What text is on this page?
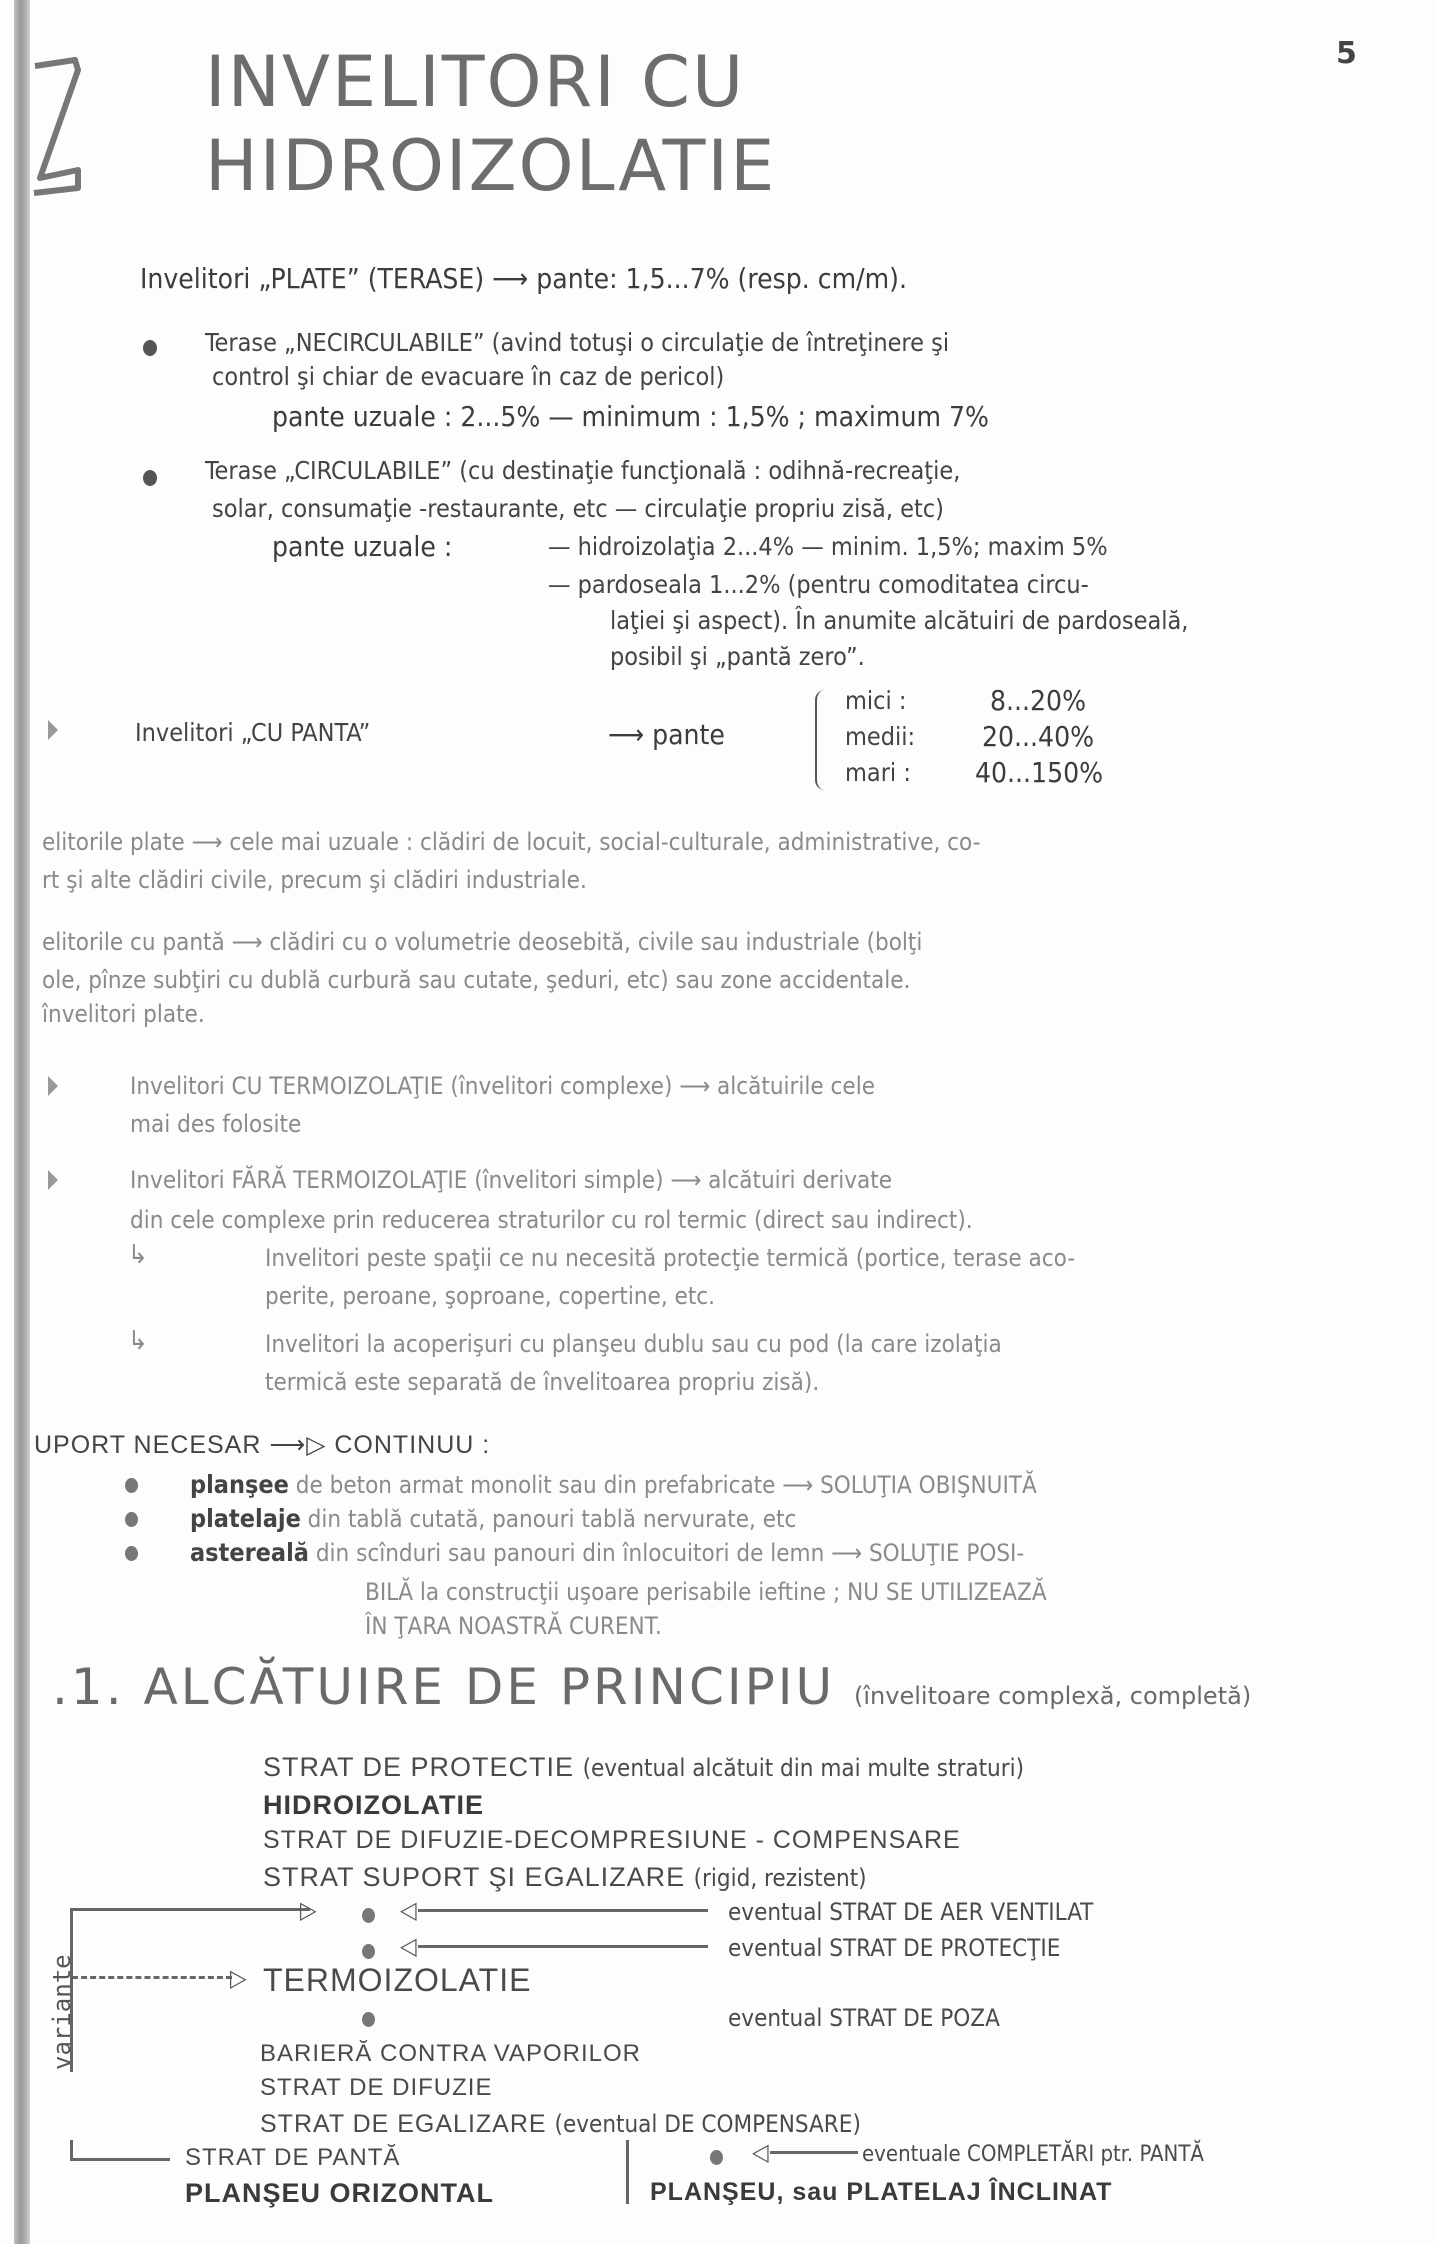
5
INVELITORI CU
HIDROIZOLATIE
Invelitori „PLATE” (TERASE) ⟶ pante: 1,5...7% (resp. cm/m).
Terase „NECIRCULABILE” (avind totuşi o circulaţie de întreţinere şi
control şi chiar de evacuare în caz de pericol)
pante uzuale : 2...5% — minimum : 1,5% ; maximum 7%
Terase „CIRCULABILE” (cu destinaţie funcţională : odihnă-recreaţie,
solar, consumaţie -restaurante, etc — circulaţie propriu zisă, etc)
pante uzuale :	— hidroizolaţia 2...4% — minim. 1,5%; maxim 5%
— pardoseala 1...2% (pentru comoditatea circu-
laţiei şi aspect). În anumite alcătuiri de pardoseală,
posibil şi „pantă zero”.
Invelitori „CU PANTA”	⟶ pante
mici :	8...20%
medii: 20...40%
mari : 40...150%
elitorile plate ⟶ cele mai uzuale : clădiri de locuit, social-culturale, administrative, co-
rt şi alte clădiri civile, precum şi clădiri industriale.
elitorile cu pantă ⟶ clădiri cu o volumetrie deosebită, civile sau industriale (bolţi
ole, pînze subţiri cu dublă curbură sau cutate, şeduri, etc) sau zone accidentale.
învelitori plate.
Invelitori CU TERMOIZOLAŢIE (învelitori complexe) ⟶ alcătuirile cele
mai des folosite
Invelitori FĂRĂ TERMOIZOLAŢIE (învelitori simple) ⟶ alcătuiri derivate
din cele complexe prin reducerea straturilor cu rol termic (direct sau indirect).
↳	Invelitori peste spaţii ce nu necesită protecţie termică (portice, terase aco-
perite, peroane, şoproane, copertine, etc.
↳	Invelitori la acoperişuri cu planşeu dublu sau cu pod (la care izolaţia
termică este separată de învelitoarea propriu zisă).
UPORT NECESAR ⟶▷ CONTINUU :
planşee de beton armat monolit sau din prefabricate ⟶ SOLUŢIA OBIŞNUITĂ
platelaje din tablă cutată, panouri tablă nervurate, etc
astereală din scînduri sau panouri din înlocuitori de lemn ⟶ SOLUŢIE POSI-
BILĂ la construcţii uşoare perisabile ieftine ; NU SE UTILIZEAZĂ
ÎN ŢARA NOASTRĂ CURENT.
.1. ALCĂTUIRE DE PRINCIPIU (învelitoare complexă, completă)
STRAT DE PROTECTIE (eventual alcătuit din mai multe straturi)
HIDROIZOLATIE
STRAT DE DIFUZIE-DECOMPRESIUNE - COMPENSARE
STRAT SUPORT ŞI EGALIZARE (rigid, rezistent)
▷
▷
variante
◁	eventual STRAT DE AER VENTILAT
◁	eventual STRAT DE PROTECŢIE
TERMOIZOLATIE
eventual STRAT DE POZA
BARIERĂ CONTRA VAPORILOR
STRAT DE DIFUZIE
STRAT DE EGALIZARE (eventual DE COMPENSARE)
STRAT DE PANTĂ	◁	eventuale COMPLETĂRI ptr. PANTĂ
PLANŞEU ORIZONTAL	PLANŞEU, sau PLATELAJ ÎNCLINAT
